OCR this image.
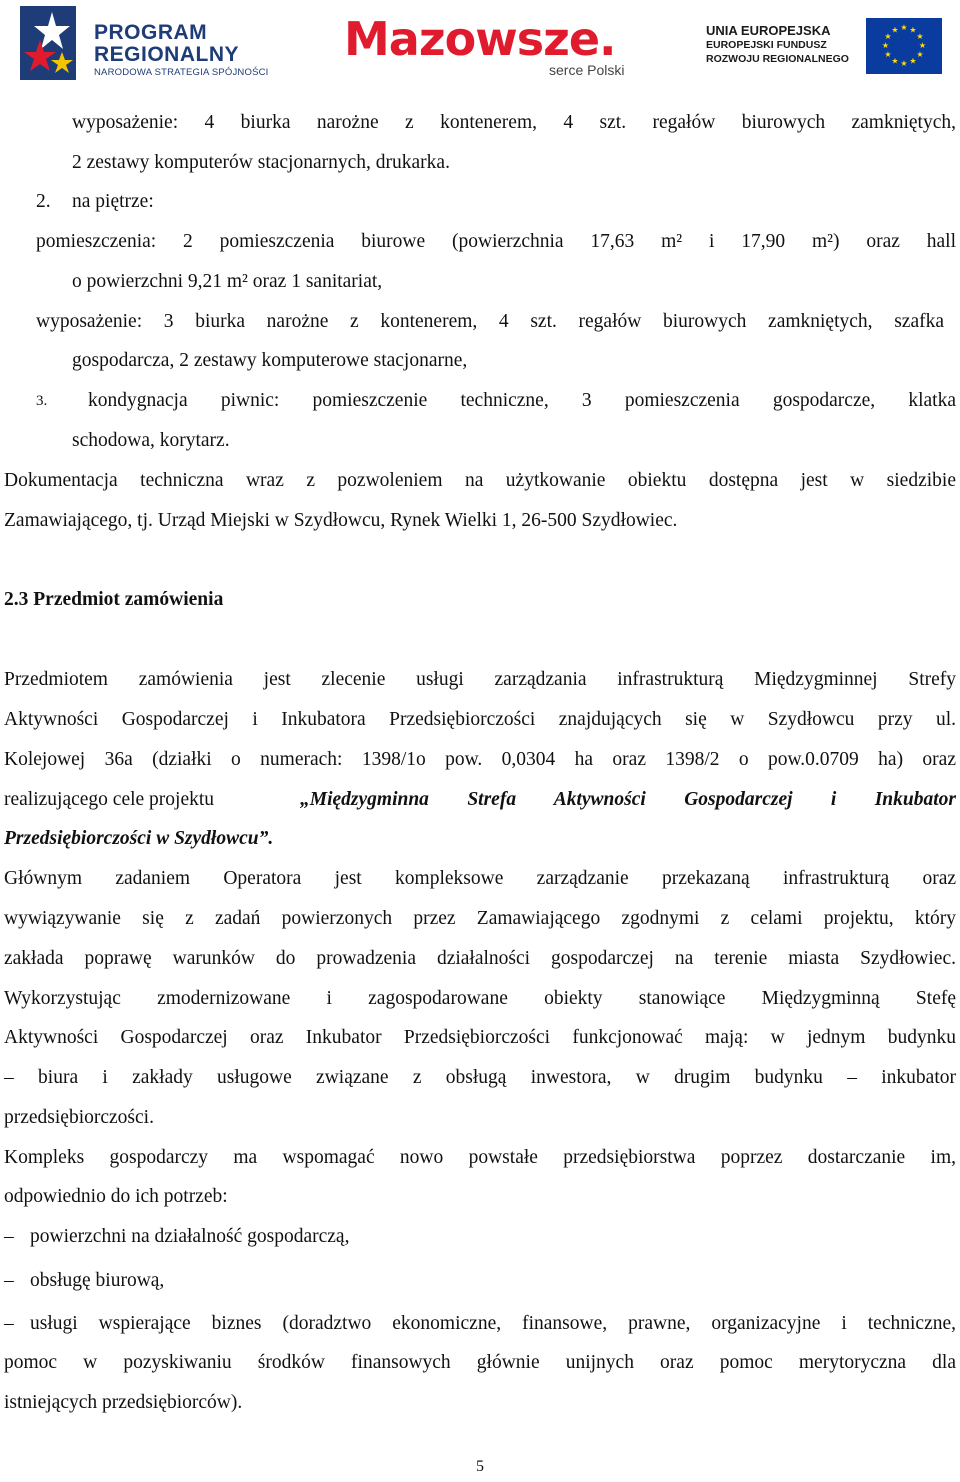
PROGRAM
REGIONALNY
NARODOWA STRATEGIA SPÓJNOŚCI
Mazowsze.
serce Polski
UNIA EUROPEJSKA
EUROPEJSKI FUNDUSZ
ROZWOJU REGIONALNEGO
★ ★
★
★
★
★
★
★
★
★
★
★
wyposażenie: 4 biurka narożne z kontenerem, 4 szt. regałów biurowych zamkniętych,
2 zestawy komputerów stacjonarnych, drukarka.
2. na piętrze:
pomieszczenia: 2 pomieszczenia biurowe (powierzchnia 17,63 m² i 17,90 m²) oraz hall
o powierzchni 9,21 m² oraz 1 sanitariat,
wyposażenie: 3 biurka narożne z kontenerem, 4 szt. regałów biurowych zamkniętych, szafka
gospodarcza, 2 zestawy komputerowe stacjonarne,
3. kondygnacja piwnic: pomieszczenie techniczne, 3 pomieszczenia gospodarcze, klatka
schodowa, korytarz.
Dokumentacja techniczna wraz z pozwoleniem na użytkowanie obiektu dostępna jest w siedzibie
Zamawiającego, tj. Urząd Miejski w Szydłowcu, Rynek Wielki 1, 26-500 Szydłowiec.
2.3 Przedmiot zamówienia
Przedmiotem zamówienia jest zlecenie usługi zarządzania infrastrukturą Międzygminnej Strefy
Aktywności Gospodarczej i Inkubatora Przedsiębiorczości znajdujących się w Szydłowcu przy ul.
Kolejowej 36a (działki o numerach: 1398/1o pow. 0,0304 ha oraz 1398/2 o pow.0.0709 ha) oraz
realizującego cele projektu	„Międzygminna Strefa Aktywności Gospodarczej i Inkubator
Przedsiębiorczości w Szydłowcu”.
Głównym zadaniem Operatora jest kompleksowe zarządzanie przekazaną infrastrukturą oraz
wywiązywanie się z zadań powierzonych przez Zamawiającego zgodnymi z celami projektu, który
zakłada poprawę warunków do prowadzenia działalności gospodarczej na terenie miasta Szydłowiec.
Wykorzystując zmodernizowane i zagospodarowane obiekty stanowiące Międzygminną Stefę
Aktywności Gospodarczej oraz Inkubator Przedsiębiorczości funkcjonować mają: w jednym budynku
– biura i zakłady usługowe związane z obsługą inwestora, w drugim budynku – inkubator
przedsiębiorczości.
Kompleks gospodarczy ma wspomagać nowo powstałe przedsiębiorstwa poprzez dostarczanie im,
odpowiednio do ich potrzeb:
– powierzchni na działalność gospodarczą,
– obsługę biurową,
– usługi wspierające biznes (doradztwo ekonomiczne, finansowe, prawne, organizacyjne i techniczne,
pomoc w pozyskiwaniu środków finansowych głównie unijnych oraz pomoc merytoryczna dla
istniejących przedsiębiorców).
5
